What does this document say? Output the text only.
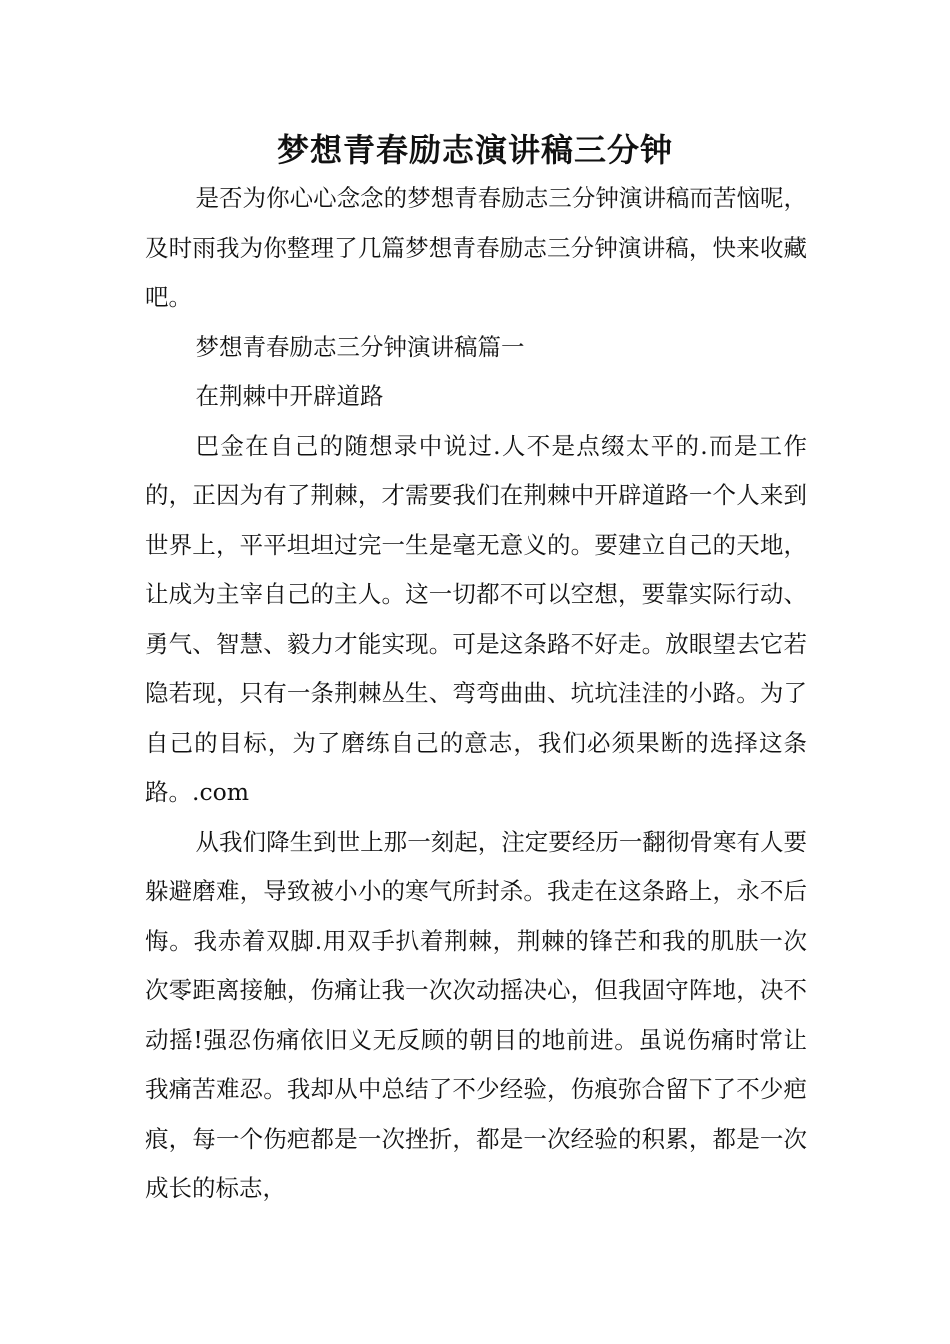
梦想青春励志演讲稿三分钟

是否为你心心念念的梦想青春励志三分钟演讲稿而苦恼呢，及时雨我为你整理了几篇梦想青春励志三分钟演讲稿，快来收藏吧。

梦想青春励志三分钟演讲稿篇一

在荆棘中开辟道路

巴金在自己的随想录中说过.人不是点缀太平的.而是工作的，正因为有了荆棘，才需要我们在荆棘中开辟道路一个人来到世界上，平平坦坦过完一生是毫无意义的。要建立自己的天地，让成为主宰自己的主人。这一切都不可以空想，要靠实际行动、勇气、智慧、毅力才能实现。可是这条路不好走。放眼望去它若隐若现，只有一条荆棘丛生、弯弯曲曲、坑坑洼洼的小路。为了自己的目标，为了磨练自己的意志，我们必须果断的选择这条路。.com

从我们降生到世上那一刻起，注定要经历一翻彻骨寒有人要躲避磨难，导致被小小的寒气所封杀。我走在这条路上，永不后悔。我赤着双脚.用双手扒着荆棘，荆棘的锋芒和我的肌肤一次次零距离接触，伤痛让我一次次动摇决心，但我固守阵地，决不动摇!强忍伤痛依旧义无反顾的朝目的地前进。虽说伤痛时常让我痛苦难忍。我却从中总结了不少经验，伤痕弥合留下了不少疤痕，每一个伤疤都是一次挫折，都是一次经验的积累，都是一次成长的标志，
